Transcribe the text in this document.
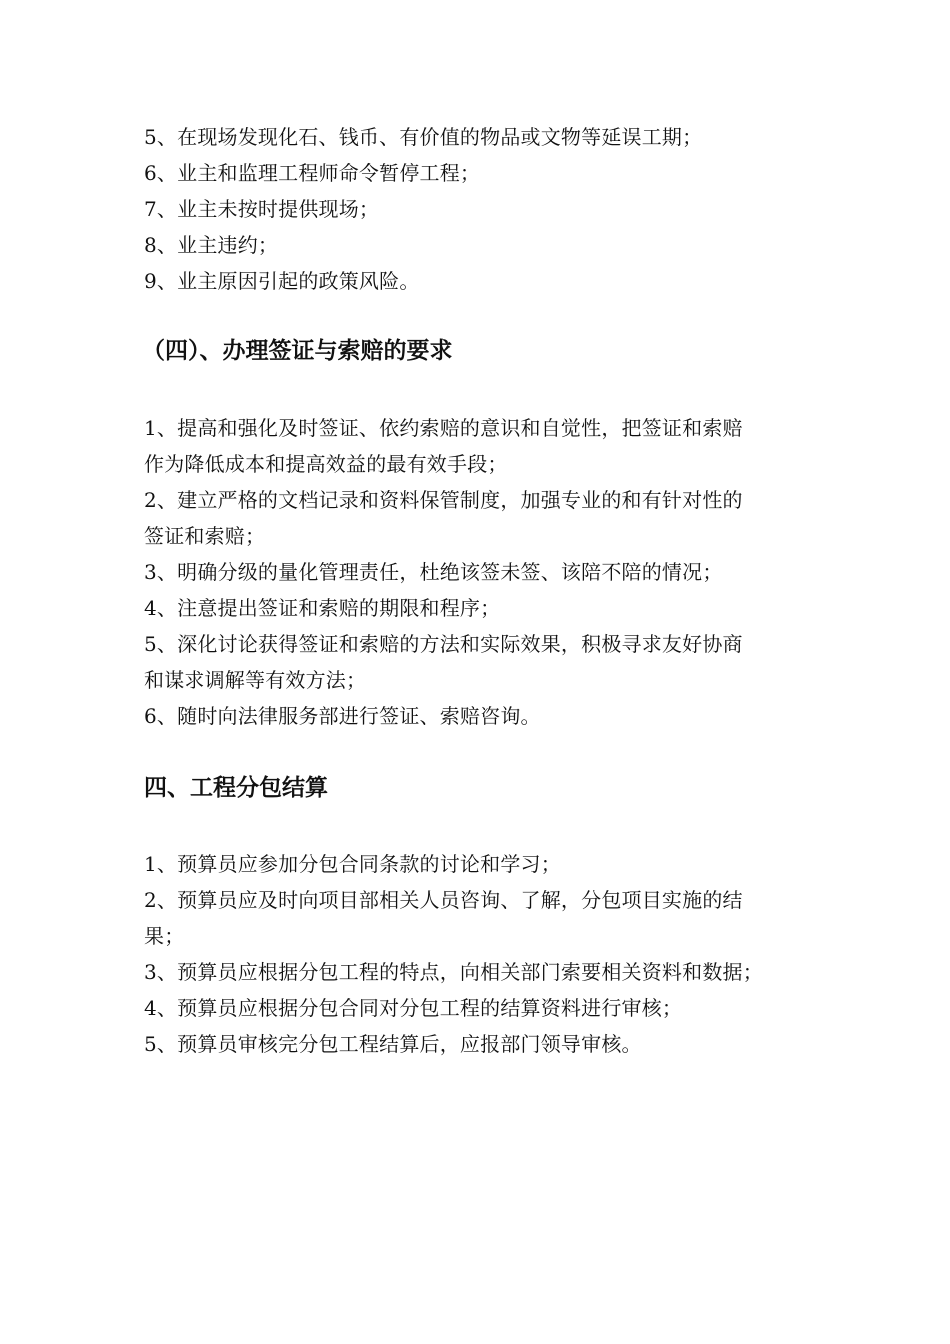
5、在现场发现化石、钱币、有价值的物品或文物等延误工期；
6、业主和监理工程师命令暂停工程；
7、业主未按时提供现场；
8、业主违约；
9、业主原因引起的政策风险。
（四）、办理签证与索赔的要求
1、提高和强化及时签证、依约索赔的意识和自觉性，把签证和索赔
作为降低成本和提高效益的最有效手段；
2、建立严格的文档记录和资料保管制度，加强专业的和有针对性的
签证和索赔；
3、明确分级的量化管理责任，杜绝该签未签、该陪不陪的情况；
4、注意提出签证和索赔的期限和程序；
5、深化讨论获得签证和索赔的方法和实际效果，积极寻求友好协商
和谋求调解等有效方法；
6、随时向法律服务部进行签证、索赔咨询。
四、工程分包结算
1、预算员应参加分包合同条款的讨论和学习；
2、预算员应及时向项目部相关人员咨询、了解，分包项目实施的结
果；
3、预算员应根据分包工程的特点，向相关部门索要相关资料和数据；
4、预算员应根据分包合同对分包工程的结算资料进行审核；
5、预算员审核完分包工程结算后，应报部门领导审核。
